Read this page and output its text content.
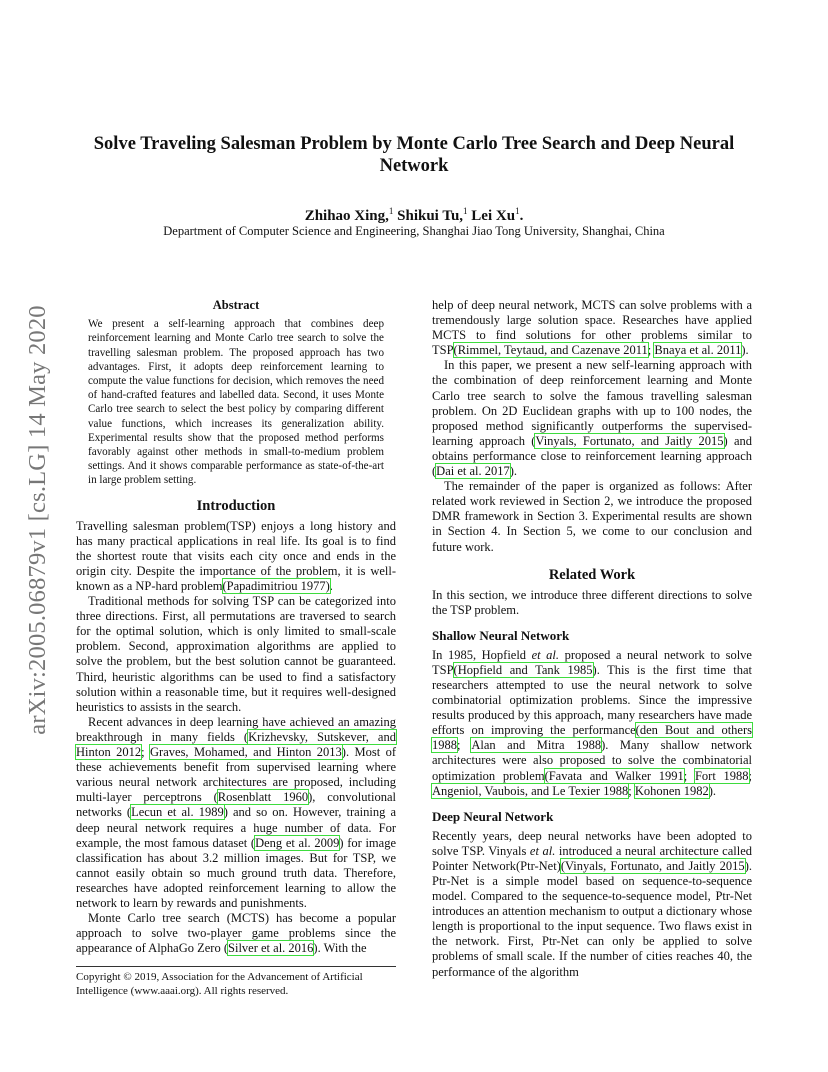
arXiv:2005.06879v1 [cs.LG] 14 May 2020
Solve Traveling Salesman Problem by Monte Carlo Tree Search and Deep Neural Network
Zhihao Xing,$^1$ Shikui Tu,$^1$ Lei Xu$^1$.
Department of Computer Science and Engineering, Shanghai Jiao Tong University, Shanghai, China
Abstract
We present a self-learning approach that combines deep reinforcement learning and Monte Carlo tree search to solve the travelling salesman problem. The proposed approach has two advantages. First, it adopts deep reinforcement learning to compute the value functions for decision, which removes the need of hand-crafted features and labelled data. Second, it uses Monte Carlo tree search to select the best policy by comparing different value functions, which increases its generalization ability. Experimental results show that the proposed method performs favorably against other methods in small-to-medium problem settings. And it shows comparable performance as state-of-the-art in large problem setting.
Introduction

Travelling salesman problem(TSP) enjoys a long history and has many practical applications in real life. Its goal is to find the shortest route that visits each city once and ends in the origin city. Despite the importance of the problem, it is well-known as a NP-hard problem(Papadimitriou 1977).

Traditional methods for solving TSP can be categorized into three directions. First, all permutations are traversed to search for the optimal solution, which is only limited to small-scale problem. Second, approximation algorithms are applied to solve the problem, but the best solution cannot be guaranteed. Third, heuristic algorithms can be used to find a satisfactory solution within a reasonable time, but it requires well-designed heuristics to assists in the search.

Recent advances in deep learning have achieved an amazing breakthrough in many fields (Krizhevsky, Sutskever, and Hinton 2012; Graves, Mohamed, and Hinton 2013). Most of these achievements benefit from supervised learning where various neural network architectures are proposed, including multi-layer perceptrons (Rosenblatt 1960), convolutional networks (Lecun et al. 1989) and so on. However, training a deep neural network requires a huge number of data. For example, the most famous dataset (Deng et al. 2009) for image classification has about 3.2 million images. But for TSP, we cannot easily obtain so much ground truth data. Therefore, researches have adopted reinforcement learning to allow the network to learn by rewards and punishments.

Monte Carlo tree search (MCTS) has become a popular approach to solve two-player game problems since the appearance of AlphaGo Zero (Silver et al. 2016). With the

Copyright © 2019, Association for the Advancement of Artificial Intelligence (www.aaai.org). All rights reserved.

help of deep neural network, MCTS can solve problems with a tremendously large solution space. Researches have applied MCTS to find solutions for other problems similar to TSP(Rimmel, Teytaud, and Cazenave 2011; Bnaya et al. 2011).

In this paper, we present a new self-learning approach with the combination of deep reinforcement learning and Monte Carlo tree search to solve the famous travelling salesman problem. On 2D Euclidean graphs with up to 100 nodes, the proposed method significantly outperforms the supervised-learning approach (Vinyals, Fortunato, and Jaitly 2015) and obtains performance close to reinforcement learning approach (Dai et al. 2017).

The remainder of the paper is organized as follows: After related work reviewed in Section 2, we introduce the proposed DMR framework in Section 3. Experimental results are shown in Section 4. In Section 5, we come to our conclusion and future work.

Related Work

In this section, we introduce three different directions to solve the TSP problem.

Shallow Neural Network

In 1985, Hopfield et al. proposed a neural network to solve TSP(Hopfield and Tank 1985). This is the first time that researchers attempted to use the neural network to solve combinatorial optimization problems. Since the impressive results produced by this approach, many researchers have made efforts on improving the performance(den Bout and others 1988; Alan and Mitra 1988). Many shallow network architectures were also proposed to solve the combinatorial optimization problem(Favata and Walker 1991; Fort 1988; Angeniol, Vaubois, and Le Texier 1988; Kohonen 1982).

Deep Neural Network

Recently years, deep neural networks have been adopted to solve TSP. Vinyals et al. introduced a neural architecture called Pointer Network(Ptr-Net)(Vinyals, Fortunato, and Jaitly 2015). Ptr-Net is a simple model based on sequence-to-sequence model. Compared to the sequence-to-sequence model, Ptr-Net introduces an attention mechanism to output a dictionary whose length is proportional to the input sequence. Two flaws exist in the network. First, Ptr-Net can only be applied to solve problems of small scale. If the number of cities reaches 40, the performance of the algorithm
